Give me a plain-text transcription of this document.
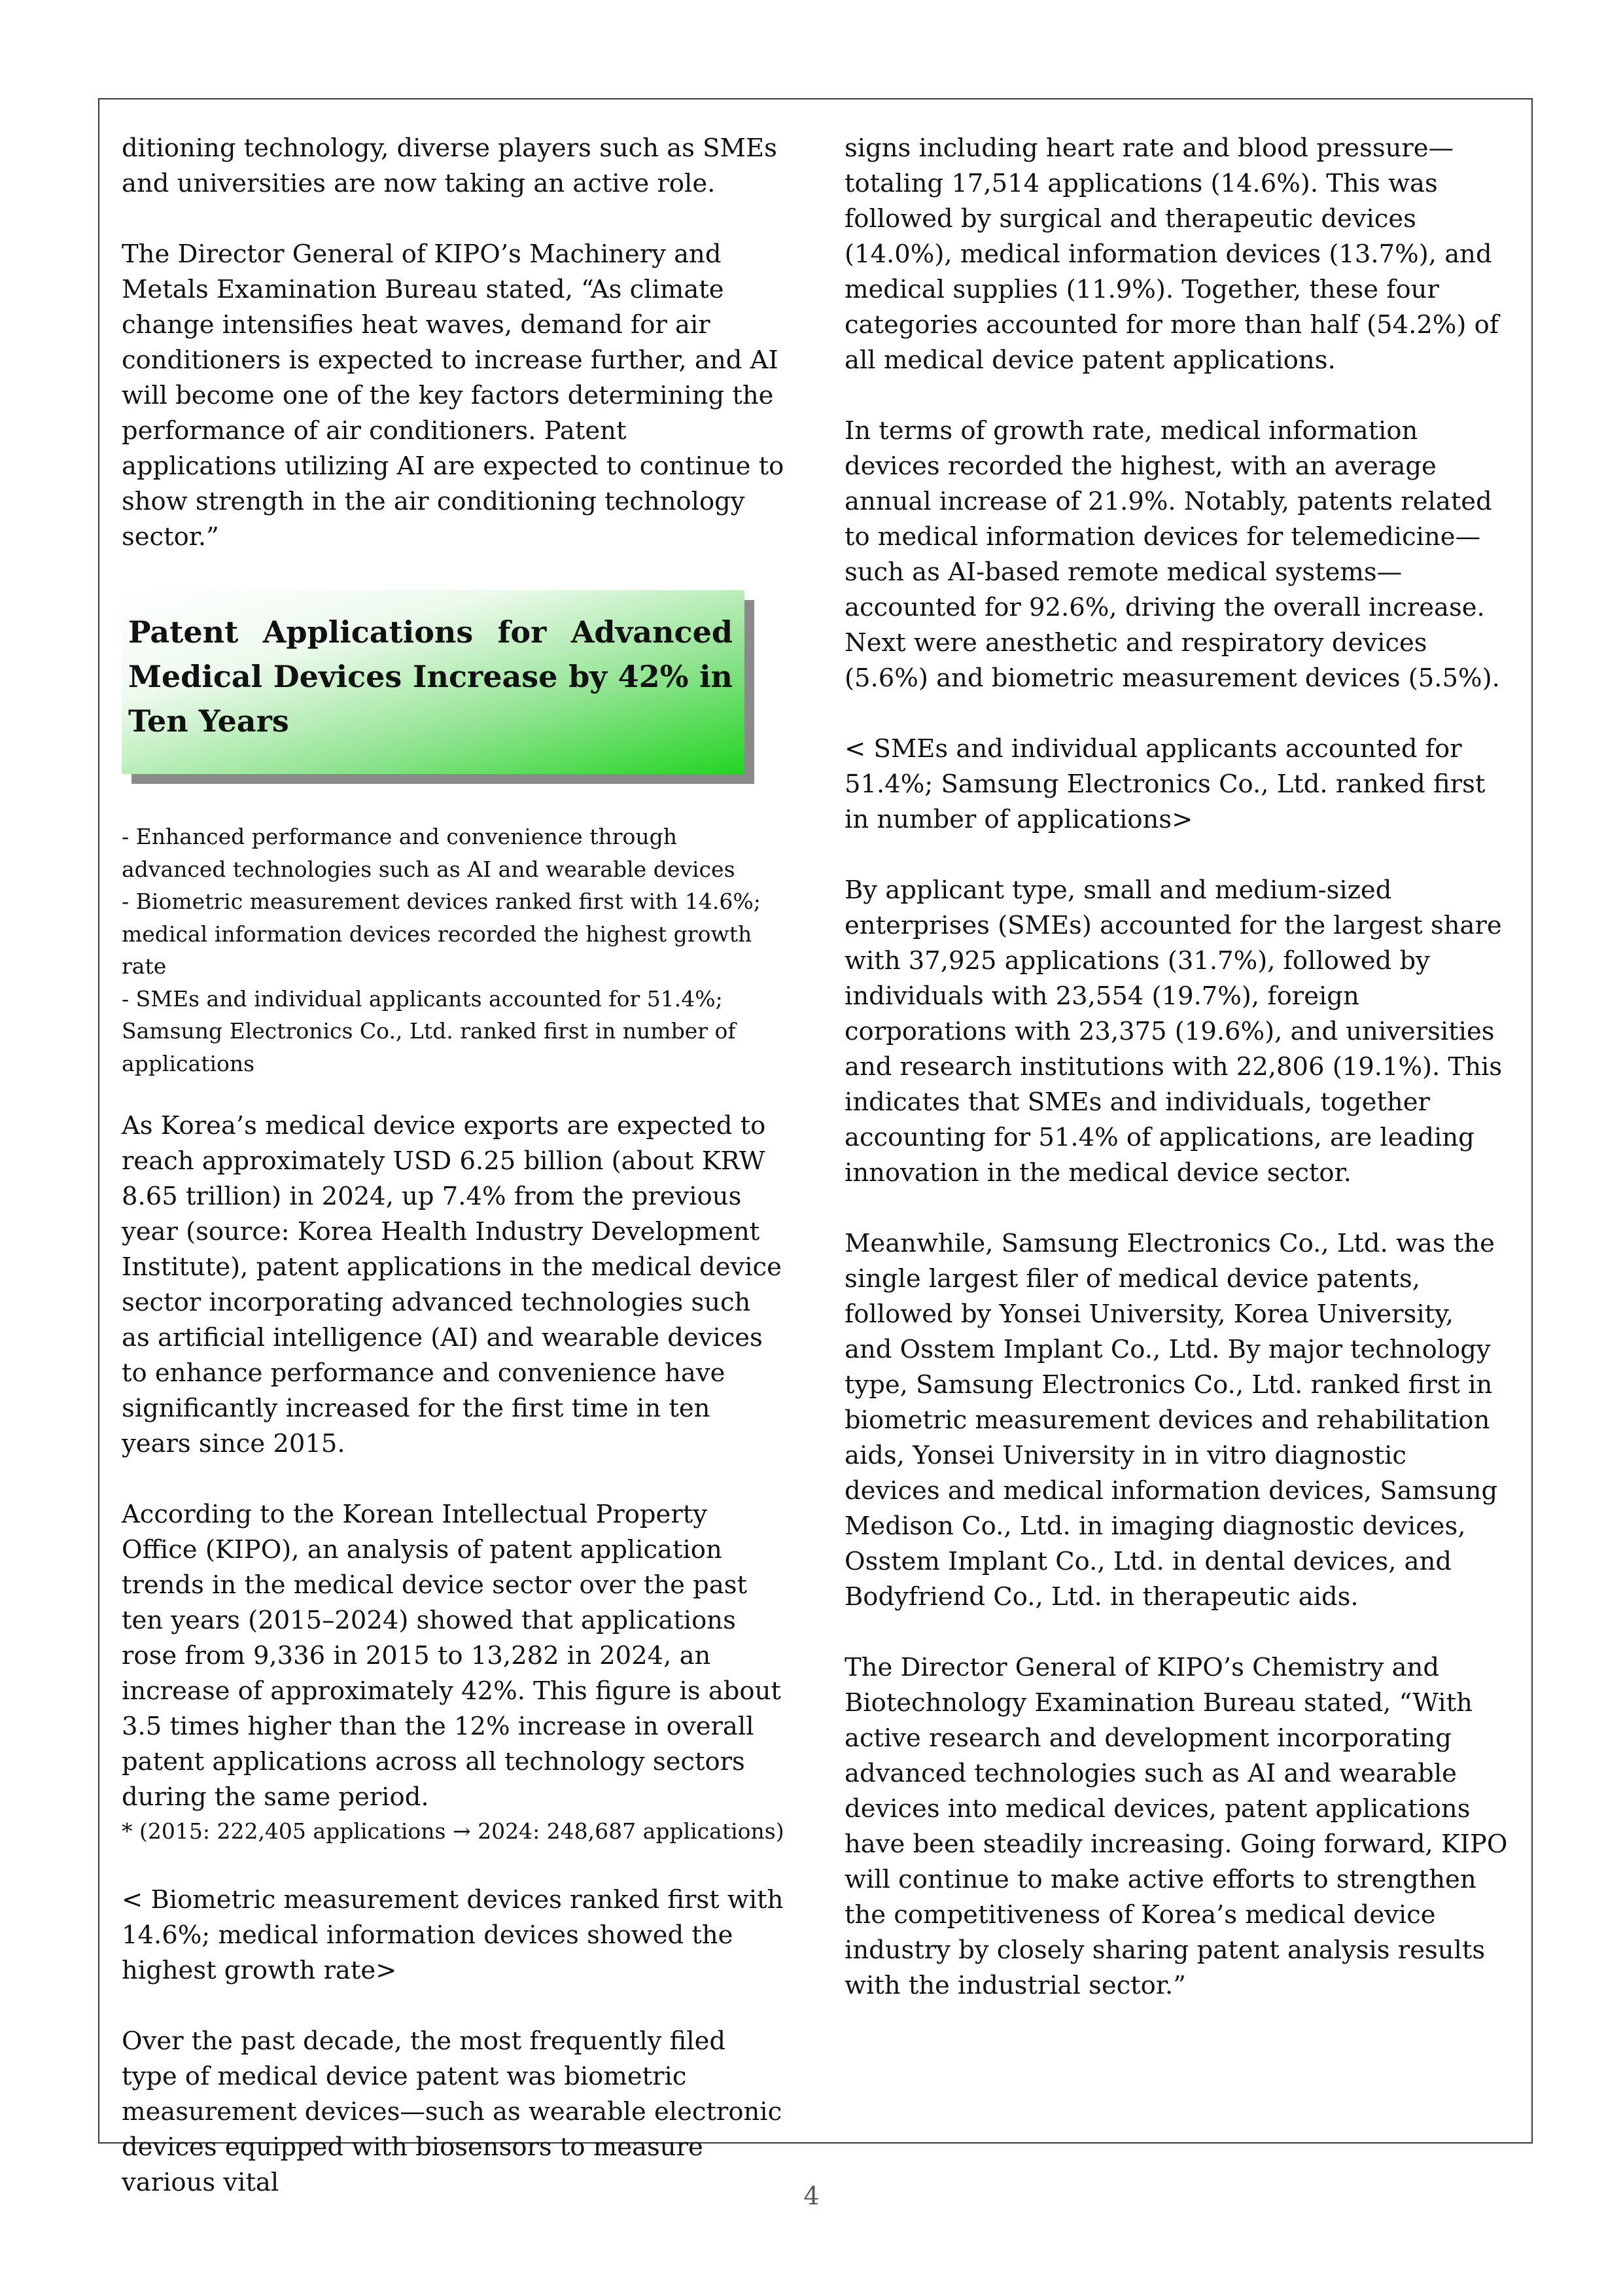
ditioning technology, diverse players such as SMEs and universities are now taking an active role.

The Director General of KIPO’s Machinery and Metals Examination Bureau stated, “As climate change intensifies heat waves, demand for air conditioners is expected to increase further, and AI will become one of the key factors determining the performance of air conditioners. Patent applications utilizing AI are expected to continue to show strength in the air conditioning technology sector.”

Patent Applications for Advanced Medical Devices Increase by 42% in Ten Years
- Enhanced performance and convenience through advanced technologies such as AI and wearable devices
- Biometric measurement devices ranked first with 14.6%; medical information devices recorded the highest growth rate
- SMEs and individual applicants accounted for 51.4%; Samsung Electronics Co., Ltd. ranked first in number of applications

As Korea’s medical device exports are expected to reach approximately USD 6.25 billion (about KRW 8.65 trillion) in 2024, up 7.4% from the previous year (source: Korea Health Industry Development Institute), patent applications in the medical device sector incorporating advanced technologies such as artificial intelligence (AI) and wearable devices to enhance performance and convenience have significantly increased for the first time in ten years since 2015.

According to the Korean Intellectual Property Office (KIPO), an analysis of patent application trends in the medical device sector over the past ten years (2015–2024) showed that applications rose from 9,336 in 2015 to 13,282 in 2024, an increase of approximately 42%. This figure is about 3.5 times higher than the 12% increase in overall patent applications across all technology sectors during the same period.
* (2015: 222,405 applications → 2024: 248,687 applications)

< Biometric measurement devices ranked first with 14.6%; medical information devices showed the highest growth rate>

Over the past decade, the most frequently filed type of medical device patent was biometric measurement devices—such as wearable electronic devices equipped with biosensors to measure various vital

signs including heart rate and blood pressure—totaling 17,514 applications (14.6%). This was followed by surgical and therapeutic devices (14.0%), medical information devices (13.7%), and medical supplies (11.9%). Together, these four categories accounted for more than half (54.2%) of all medical device patent applications.

In terms of growth rate, medical information devices recorded the highest, with an average annual increase of 21.9%. Notably, patents related to medical information devices for telemedicine—such as AI-based remote medical systems—accounted for 92.6%, driving the overall increase. Next were anesthetic and respiratory devices (5.6%) and biometric measurement devices (5.5%).

< SMEs and individual applicants accounted for 51.4%; Samsung Electronics Co., Ltd. ranked first in number of applications>

By applicant type, small and medium-sized enterprises (SMEs) accounted for the largest share with 37,925 applications (31.7%), followed by individuals with 23,554 (19.7%), foreign corporations with 23,375 (19.6%), and universities and research institutions with 22,806 (19.1%). This indicates that SMEs and individuals, together accounting for 51.4% of applications, are leading innovation in the medical device sector.

Meanwhile, Samsung Electronics Co., Ltd. was the single largest filer of medical device patents, followed by Yonsei University, Korea University, and Osstem Implant Co., Ltd. By major technology type, Samsung Electronics Co., Ltd. ranked first in biometric measurement devices and rehabilitation aids, Yonsei University in in vitro diagnostic devices and medical information devices, Samsung Medison Co., Ltd. in imaging diagnostic devices, Osstem Implant Co., Ltd. in dental devices, and Bodyfriend Co., Ltd. in therapeutic aids.

The Director General of KIPO’s Chemistry and Biotechnology Examination Bureau stated, “With active research and development incorporating advanced technologies such as AI and wearable devices into medical devices, patent applications have been steadily increasing. Going forward, KIPO will continue to make active efforts to strengthen the competitiveness of Korea’s medical device industry by closely sharing patent analysis results with the industrial sector.”

4
